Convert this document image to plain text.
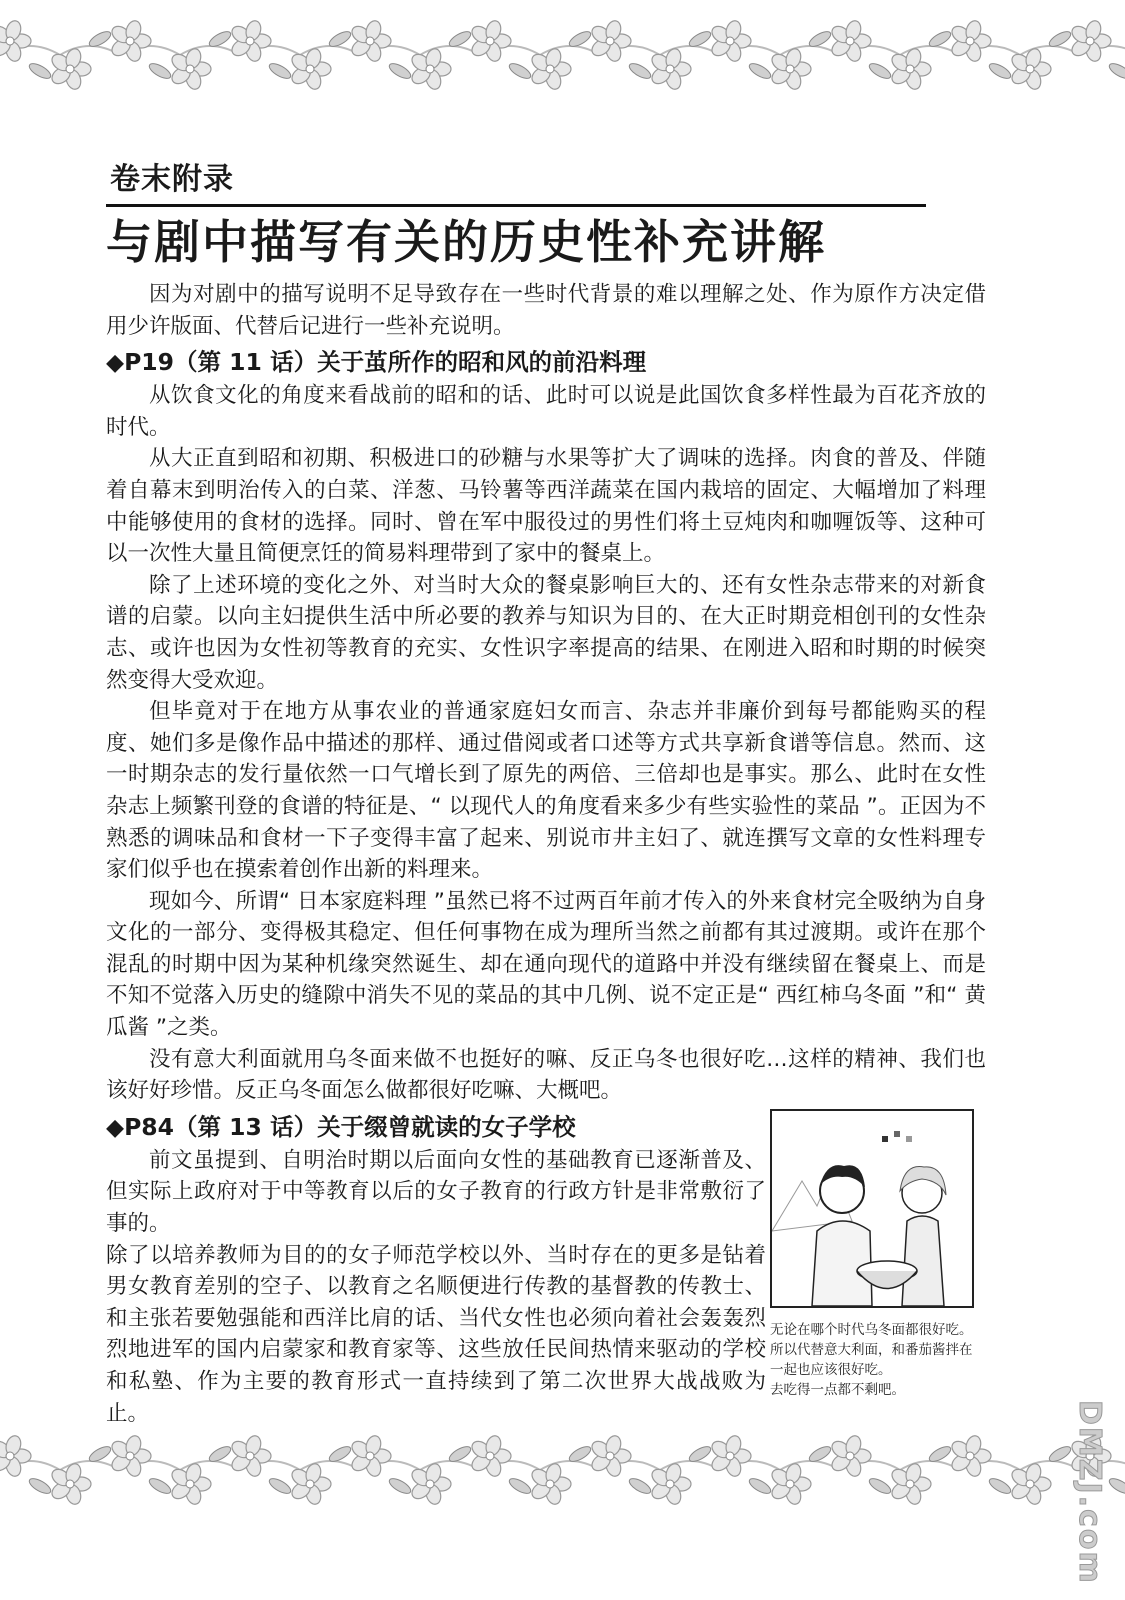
卷末附录
与剧中描写有关的历史性补充讲解

因为对剧中的描写说明不足导致存在一些时代背景的难以理解之处、作为原作方决定借用少许版面、代替后记进行一些补充说明。

◆P19（第 11 话）关于茧所作的昭和风的前沿料理

从饮食文化的角度来看战前的昭和的话、此时可以说是此国饮食多样性最为百花齐放的时代。

从大正直到昭和初期、积极进口的砂糖与水果等扩大了调味的选择。肉食的普及、伴随着自幕末到明治传入的白菜、洋葱、马铃薯等西洋蔬菜在国内栽培的固定、大幅增加了料理中能够使用的食材的选择。同时、曾在军中服役过的男性们将土豆炖肉和咖喱饭等、这种可以一次性大量且简便烹饪的简易料理带到了家中的餐桌上。

除了上述环境的变化之外、对当时大众的餐桌影响巨大的、还有女性杂志带来的对新食谱的启蒙。以向主妇提供生活中所必要的教养与知识为目的、在大正时期竞相创刊的女性杂志、或许也因为女性初等教育的充实、女性识字率提高的结果、在刚进入昭和时期的时候突然变得大受欢迎。

但毕竟对于在地方从事农业的普通家庭妇女而言、杂志并非廉价到每号都能购买的程度、她们多是像作品中描述的那样、通过借阅或者口述等方式共享新食谱等信息。然而、这一时期杂志的发行量依然一口气增长到了原先的两倍、三倍却也是事实。那么、此时在女性杂志上频繁刊登的食谱的特征是、“ 以现代人的角度看来多少有些实验性的菜品 ”。正因为不熟悉的调味品和食材一下子变得丰富了起来、别说市井主妇了、就连撰写文章的女性料理专家们似乎也在摸索着创作出新的料理来。

现如今、所谓“ 日本家庭料理 ”虽然已将不过两百年前才传入的外来食材完全吸纳为自身文化的一部分、变得极其稳定、但任何事物在成为理所当然之前都有其过渡期。或许在那个混乱的时期中因为某种机缘突然诞生、却在通向现代的道路中并没有继续留在餐桌上、而是不知不觉落入历史的缝隙中消失不见的菜品的其中几例、说不定正是“ 西红柿乌冬面 ”和“ 黄瓜酱 ”之类。

没有意大利面就用乌冬面来做不也挺好的嘛、反正乌冬也很好吃…这样的精神、我们也该好好珍惜。反正乌冬面怎么做都很好吃嘛、大概吧。

◆P84（第 13 话）关于缀曾就读的女子学校

前文虽提到、自明治时期以后面向女性的基础教育已逐渐普及、但实际上政府对于中等教育以后的女子教育的行政方针是非常敷衍了事的。

除了以培养教师为目的的女子师范学校以外、当时存在的更多是钻着男女教育差别的空子、以教育之名顺便进行传教的基督教的传教士、和主张若要勉强能和西洋比肩的话、当代女性也必须向着社会轰轰烈烈地进军的国内启蒙家和教育家等、这些放任民间热情来驱动的学校和私塾、作为主要的教育形式一直持续到了第二次世界大战战败为止。

无论在哪个时代乌冬面都很好吃。
所以代替意大利面，和番茄酱拌在
一起也应该很好吃。
去吃得一点都不剩吧。
DMZJ.com
